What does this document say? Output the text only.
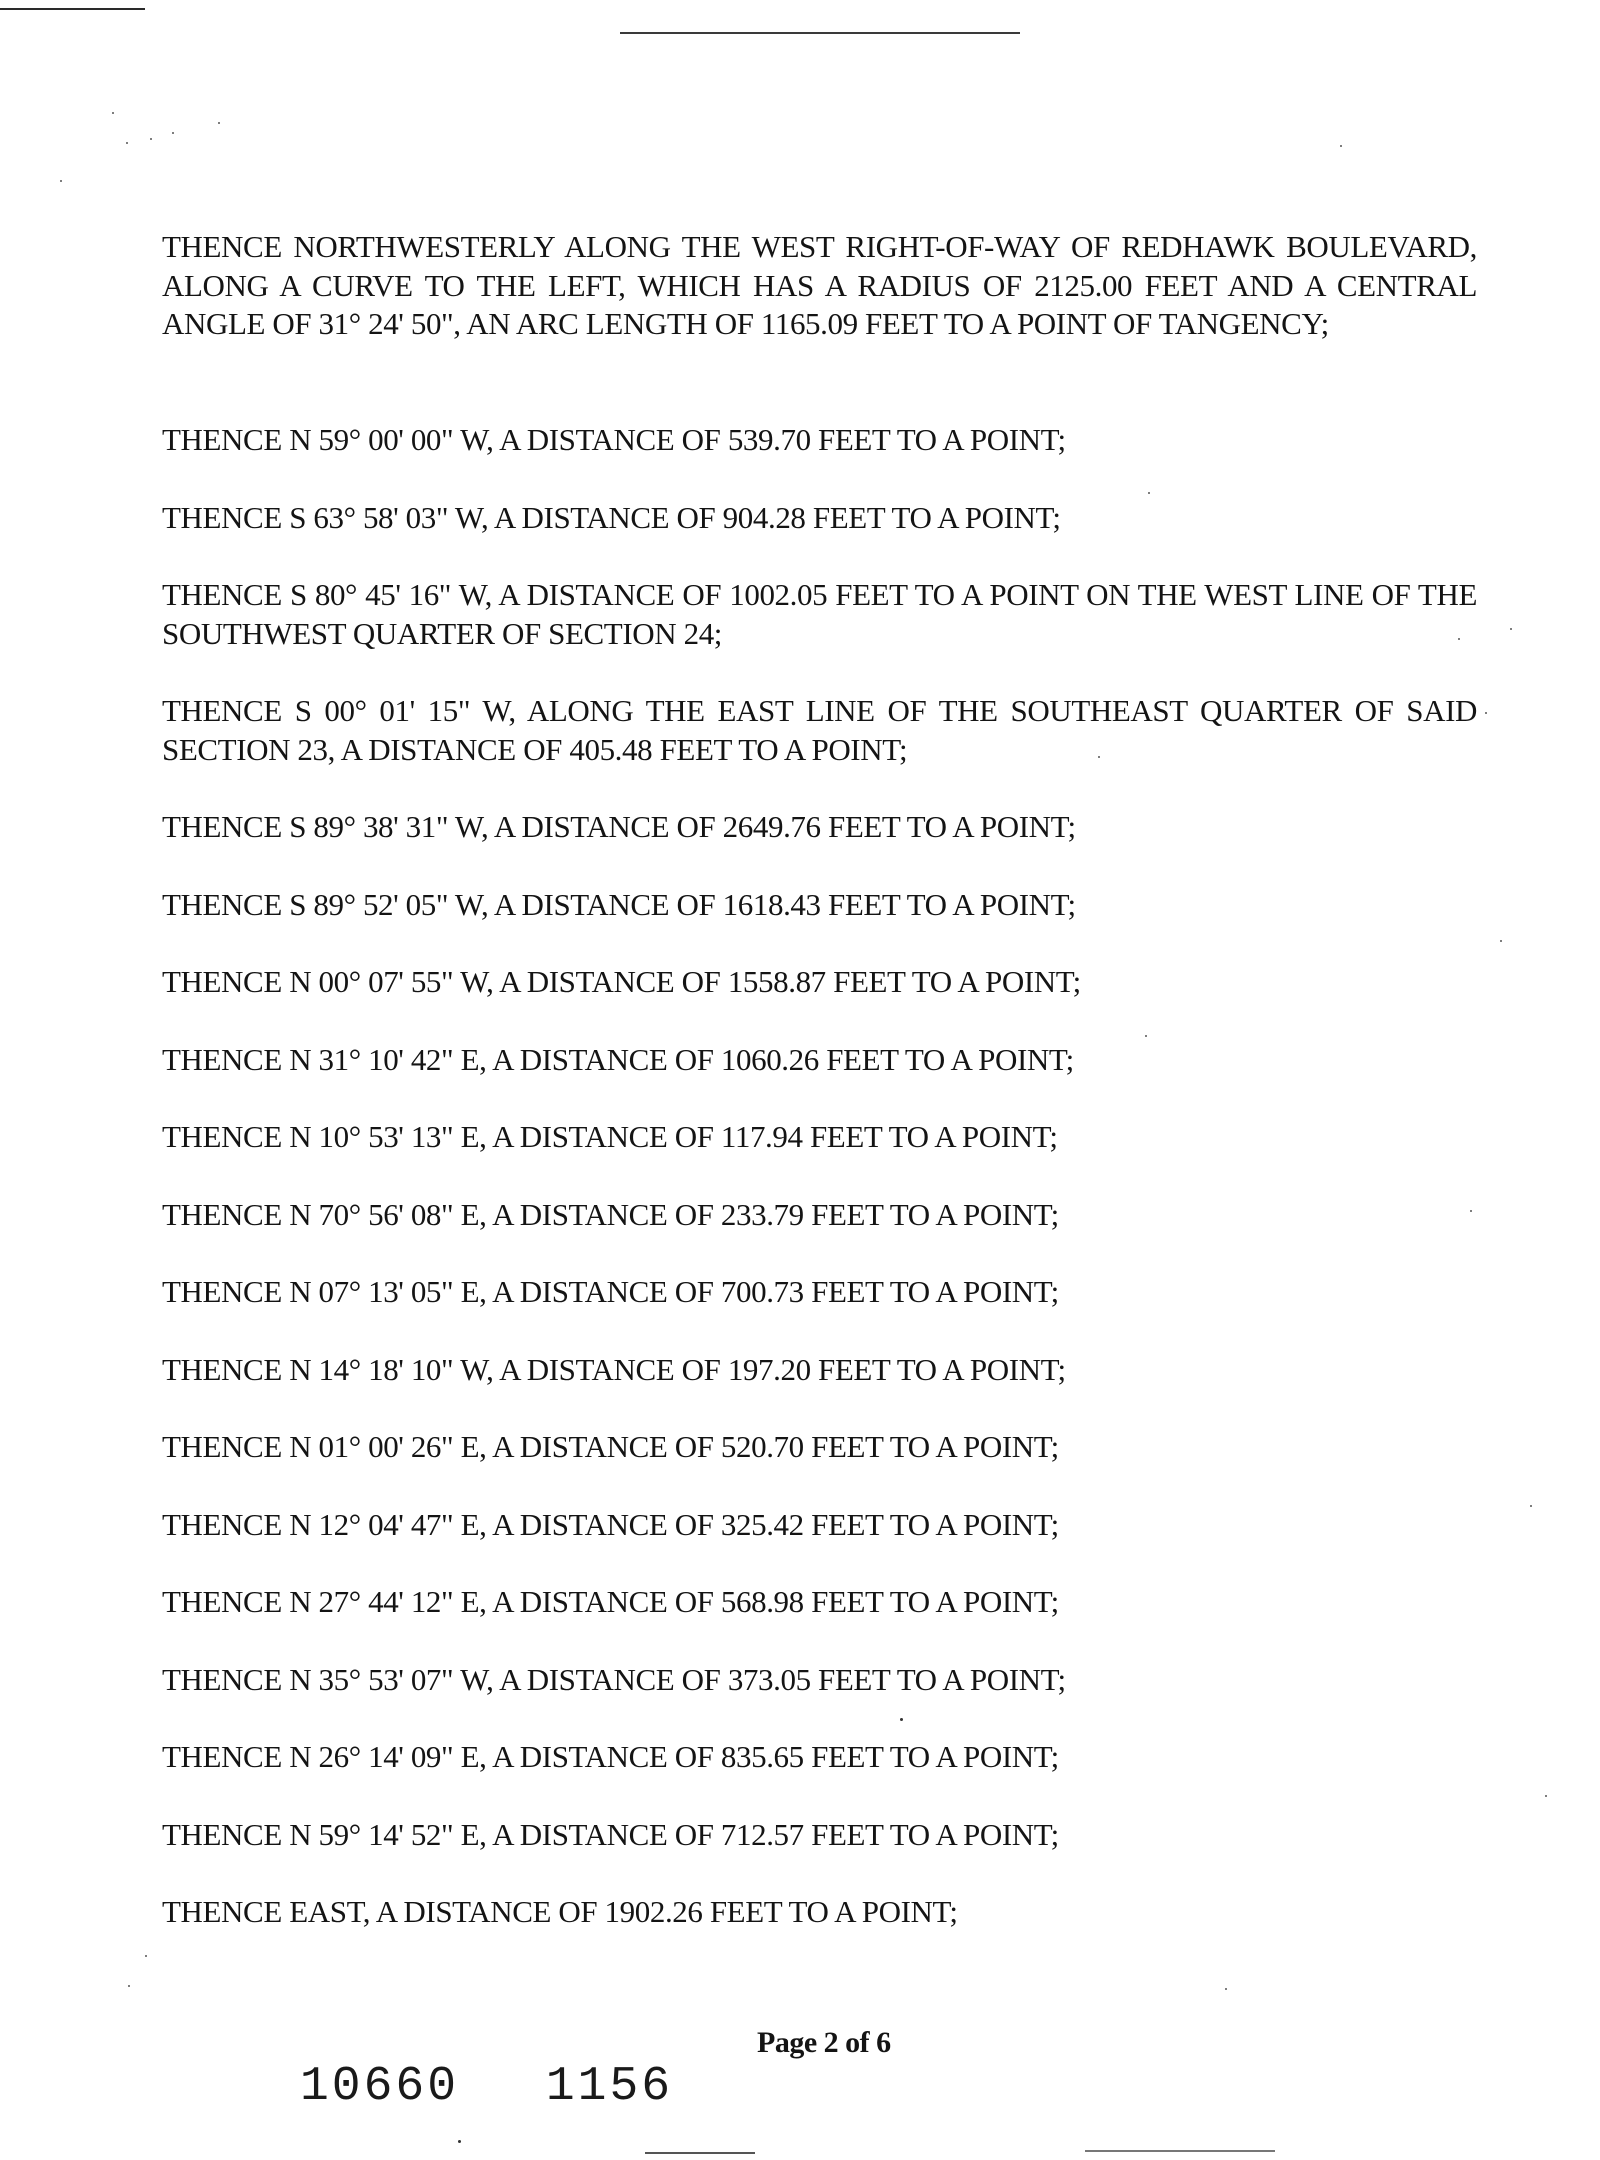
THENCE NORTHWESTERLY ALONG THE WEST RIGHT-OF-WAY OF REDHAWK BOULEVARD, ALONG A CURVE TO THE LEFT, WHICH HAS A RADIUS OF 2125.00 FEET AND A CENTRAL ANGLE OF 31° 24' 50", AN ARC LENGTH OF 1165.09 FEET TO A POINT OF TANGENCY;

THENCE N 59° 00' 00" W, A DISTANCE OF 539.70 FEET TO A POINT;

THENCE S 63° 58' 03" W, A DISTANCE OF 904.28 FEET TO A POINT;

THENCE S 80° 45' 16" W, A DISTANCE OF 1002.05 FEET TO A POINT ON THE WEST LINE OF THE SOUTHWEST QUARTER OF SECTION 24;

THENCE S 00° 01' 15" W, ALONG THE EAST LINE OF THE SOUTHEAST QUARTER OF SAID SECTION 23, A DISTANCE OF 405.48 FEET TO A POINT;

THENCE S 89° 38' 31" W, A DISTANCE OF 2649.76 FEET TO A POINT;

THENCE S 89° 52' 05" W, A DISTANCE OF 1618.43 FEET TO A POINT;

THENCE N 00° 07' 55" W, A DISTANCE OF 1558.87 FEET TO A POINT;

THENCE N 31° 10' 42" E, A DISTANCE OF 1060.26 FEET TO A POINT;

THENCE N 10° 53' 13" E, A DISTANCE OF 117.94 FEET TO A POINT;

THENCE N 70° 56' 08" E, A DISTANCE OF 233.79 FEET TO A POINT;

THENCE N 07° 13' 05" E, A DISTANCE OF 700.73 FEET TO A POINT;

THENCE N 14° 18' 10" W, A DISTANCE OF 197.20 FEET TO A POINT;

THENCE N 01° 00' 26" E, A DISTANCE OF 520.70 FEET TO A POINT;

THENCE N 12° 04' 47" E, A DISTANCE OF 325.42 FEET TO A POINT;

THENCE N 27° 44' 12" E, A DISTANCE OF 568.98 FEET TO A POINT;

THENCE N 35° 53' 07" W, A DISTANCE OF 373.05 FEET TO A POINT;

THENCE N 26° 14' 09" E, A DISTANCE OF 835.65 FEET TO A POINT;

THENCE N 59° 14' 52" E, A DISTANCE OF 712.57 FEET TO A POINT;

THENCE EAST, A DISTANCE OF 1902.26 FEET TO A POINT;

Page 2 of 6
10660 1156
